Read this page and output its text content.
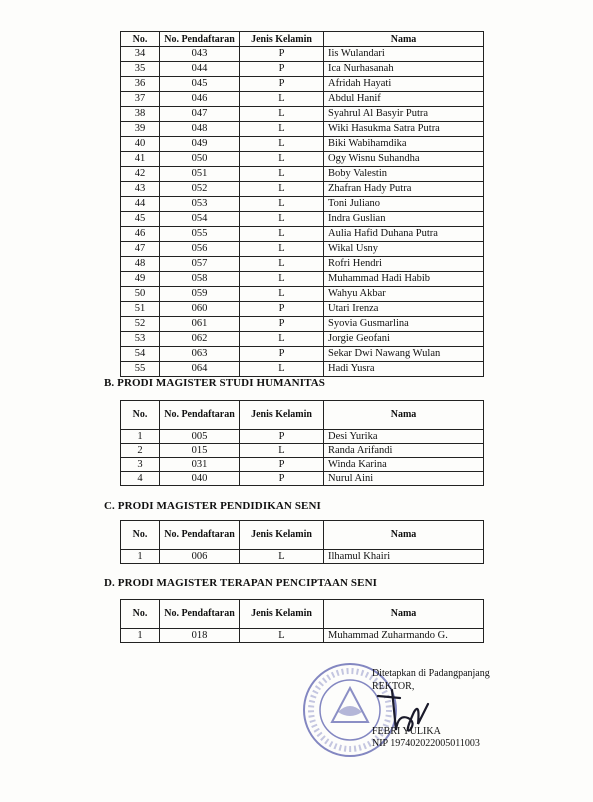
No.	No. Pendaftaran	Jenis Kelamin	Nama
34	043	P	Iis Wulandari
35	044	P	Ica Nurhasanah
36	045	P	Afridah Hayati
37	046	L	Abdul Hanif
38	047	L	Syahrul Al Basyir Putra
39	048	L	Wiki Hasukma Satra Putra
40	049	L	Biki Wabihamdika
41	050	L	Ogy Wisnu Suhandha
42	051	L	Boby Valestin
43	052	L	Zhafran Hady Putra
44	053	L	Toni Juliano
45	054	L	Indra Guslian
46	055	L	Aulia Hafid Duhana Putra
47	056	L	Wikal Usny
48	057	L	Rofri Hendri
49	058	L	Muhammad Hadi Habib
50	059	L	Wahyu Akbar
51	060	P	Utari Irenza
52	061	P	Syovia Gusmarlina
53	062	L	Jorgie Geofani
54	063	P	Sekar Dwi Nawang Wulan
55	064	L	Hadi Yusra
B. PRODI MAGISTER STUDI HUMANITAS
No.	No. Pendaftaran	Jenis Kelamin	Nama
1	005	P	Desi Yurika
2	015	L	Randa Arifandi
3	031	P	Winda Karina
4	040	P	Nurul Aini
C. PRODI MAGISTER PENDIDIKAN SENI
No.	No. Pendaftaran	Jenis Kelamin	Nama
1	006	L	Ilhamul Khairi
D. PRODI MAGISTER TERAPAN PENCIPTAAN SENI
No.	No. Pendaftaran	Jenis Kelamin	Nama
1	018	L	Muhammad Zuharmando G.
Ditetapkan di Padangpanjang
REKTOR,
FEBRI YULIKA
NIP 197402022005011003
